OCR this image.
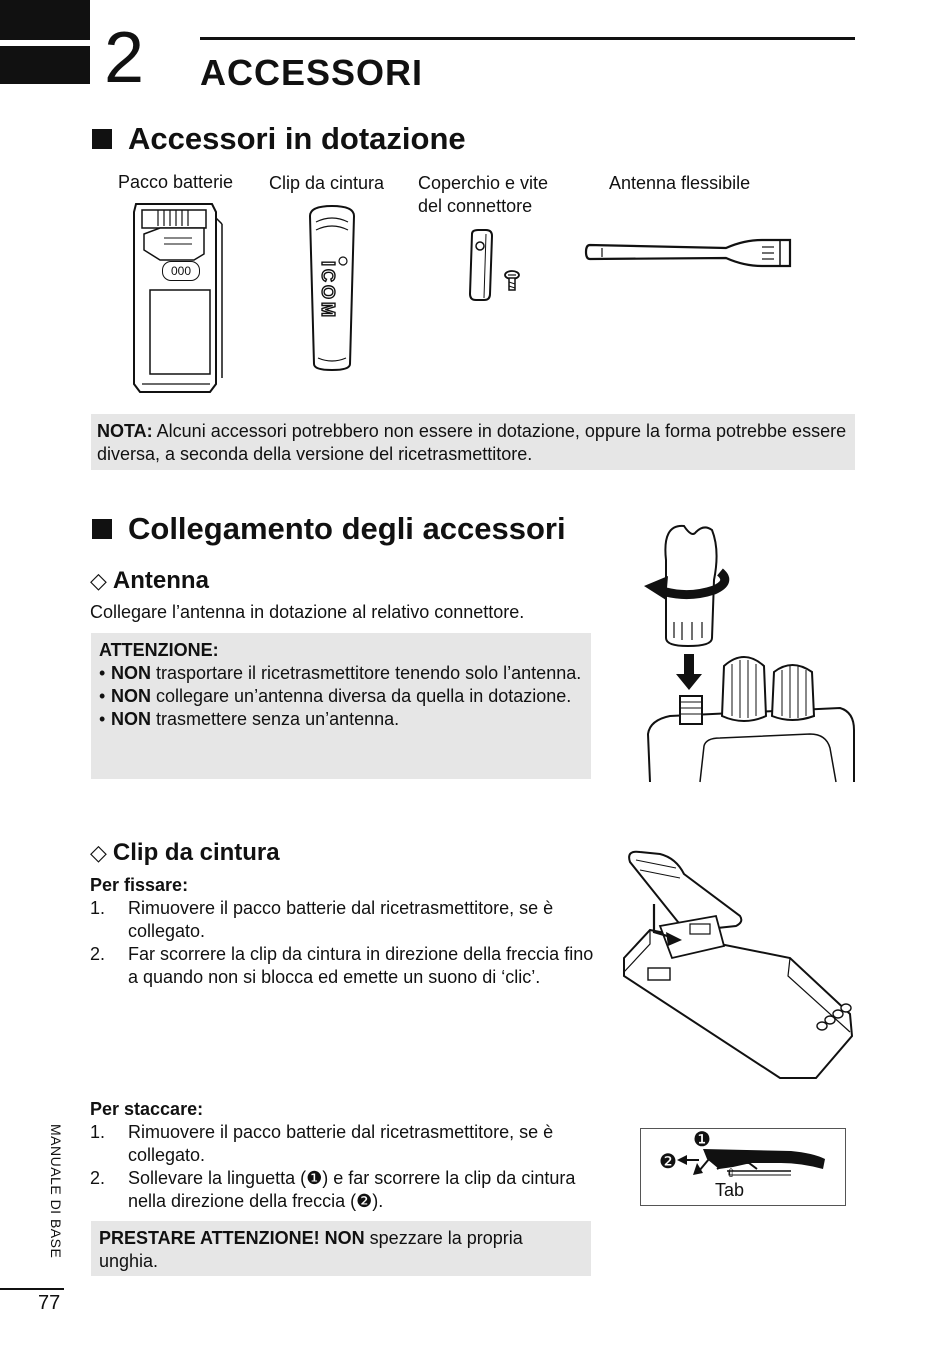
2 ACCESSORI
Accessori in dotazione
Pacco batterie Clip da cintura Coperchio e vite
del connettore
Antenna flessibile
000	ICOM
NOTA: Alcuni accessori potrebbero non essere in dotazione, oppure la forma potrebbe essere diversa, a seconda della versione del ricetrasmettitore.
Collegamento degli accessori
◇ Antenna
Collegare l’antenna in dotazione al relativo connettore.
ATTENZIONE:
• NON trasportare il ricetrasmettitore tenendo solo l’antenna.
• NON collegare un’antenna diversa da quella in dotazione.
• NON trasmettere senza un’antenna.
◇ Clip da cintura
Per fissare:
1.	Rimuovere il pacco batterie dal ricetrasmettitore, se è collegato.
2.	Far scorrere la clip da cintura in direzione della freccia fino a quando non si blocca ed emette un suono di ‘clic’.
Per staccare:
1.	Rimuovere il pacco batterie dal ricetrasmettitore, se è collegato.
2.	Sollevare la linguetta (❶) e far scorrere la clip da cintura nella direzione della freccia (❷).
PRESTARE ATTENZIONE! NON spezzare la propria unghia.
❶
❷	⇧
Tab
MANUALE DI BASE
77
